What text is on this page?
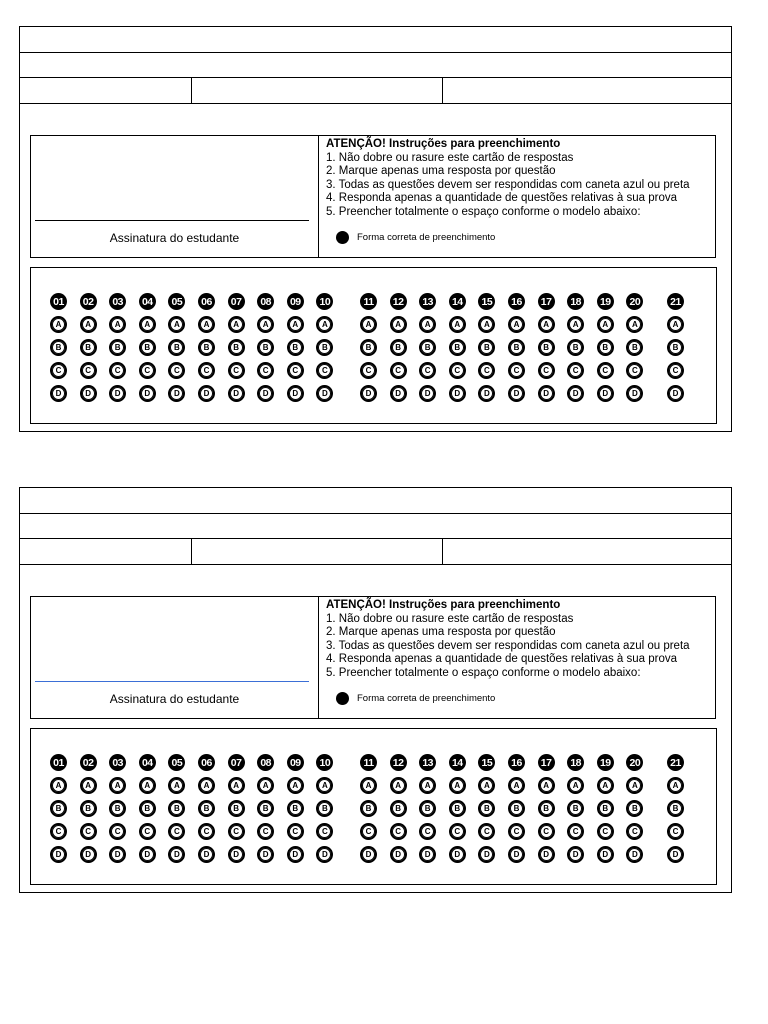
Assinatura do estudante
ATENÇÃO! Instruções para preenchimento
1. Não dobre ou rasure este cartão de respostas
2. Marque apenas uma resposta por questão
3. Todas as questões devem ser respondidas com caneta azul ou preta
4. Responda apenas a quantidade de questões relativas à sua prova
5. Preencher totalmente o espaço conforme o modelo abaixo:
Forma correta de preenchimento
01
A
B
C
D
02
A
B
C
D
03
A
B
C
D
04
A
B
C
D
05
A
B
C
D
06
A
B
C
D
07
A
B
C
D
08
A
B
C
D
09
A
B
C
D
10
A
B
C
D
11
A
B
C
D
12
A
B
C
D
13
A
B
C
D
14
A
B
C
D
15
A
B
C
D
16
A
B
C
D
17
A
B
C
D
18
A
B
C
D
19
A
B
C
D
20
A
B
C
D
21
A
B
C
D
Assinatura do estudante
ATENÇÃO! Instruções para preenchimento
1. Não dobre ou rasure este cartão de respostas
2. Marque apenas uma resposta por questão
3. Todas as questões devem ser respondidas com caneta azul ou preta
4. Responda apenas a quantidade de questões relativas à sua prova
5. Preencher totalmente o espaço conforme o modelo abaixo:
Forma correta de preenchimento
01
A
B
C
D
02
A
B
C
D
03
A
B
C
D
04
A
B
C
D
05
A
B
C
D
06
A
B
C
D
07
A
B
C
D
08
A
B
C
D
09
A
B
C
D
10
A
B
C
D
11
A
B
C
D
12
A
B
C
D
13
A
B
C
D
14
A
B
C
D
15
A
B
C
D
16
A
B
C
D
17
A
B
C
D
18
A
B
C
D
19
A
B
C
D
20
A
B
C
D
21
A
B
C
D
